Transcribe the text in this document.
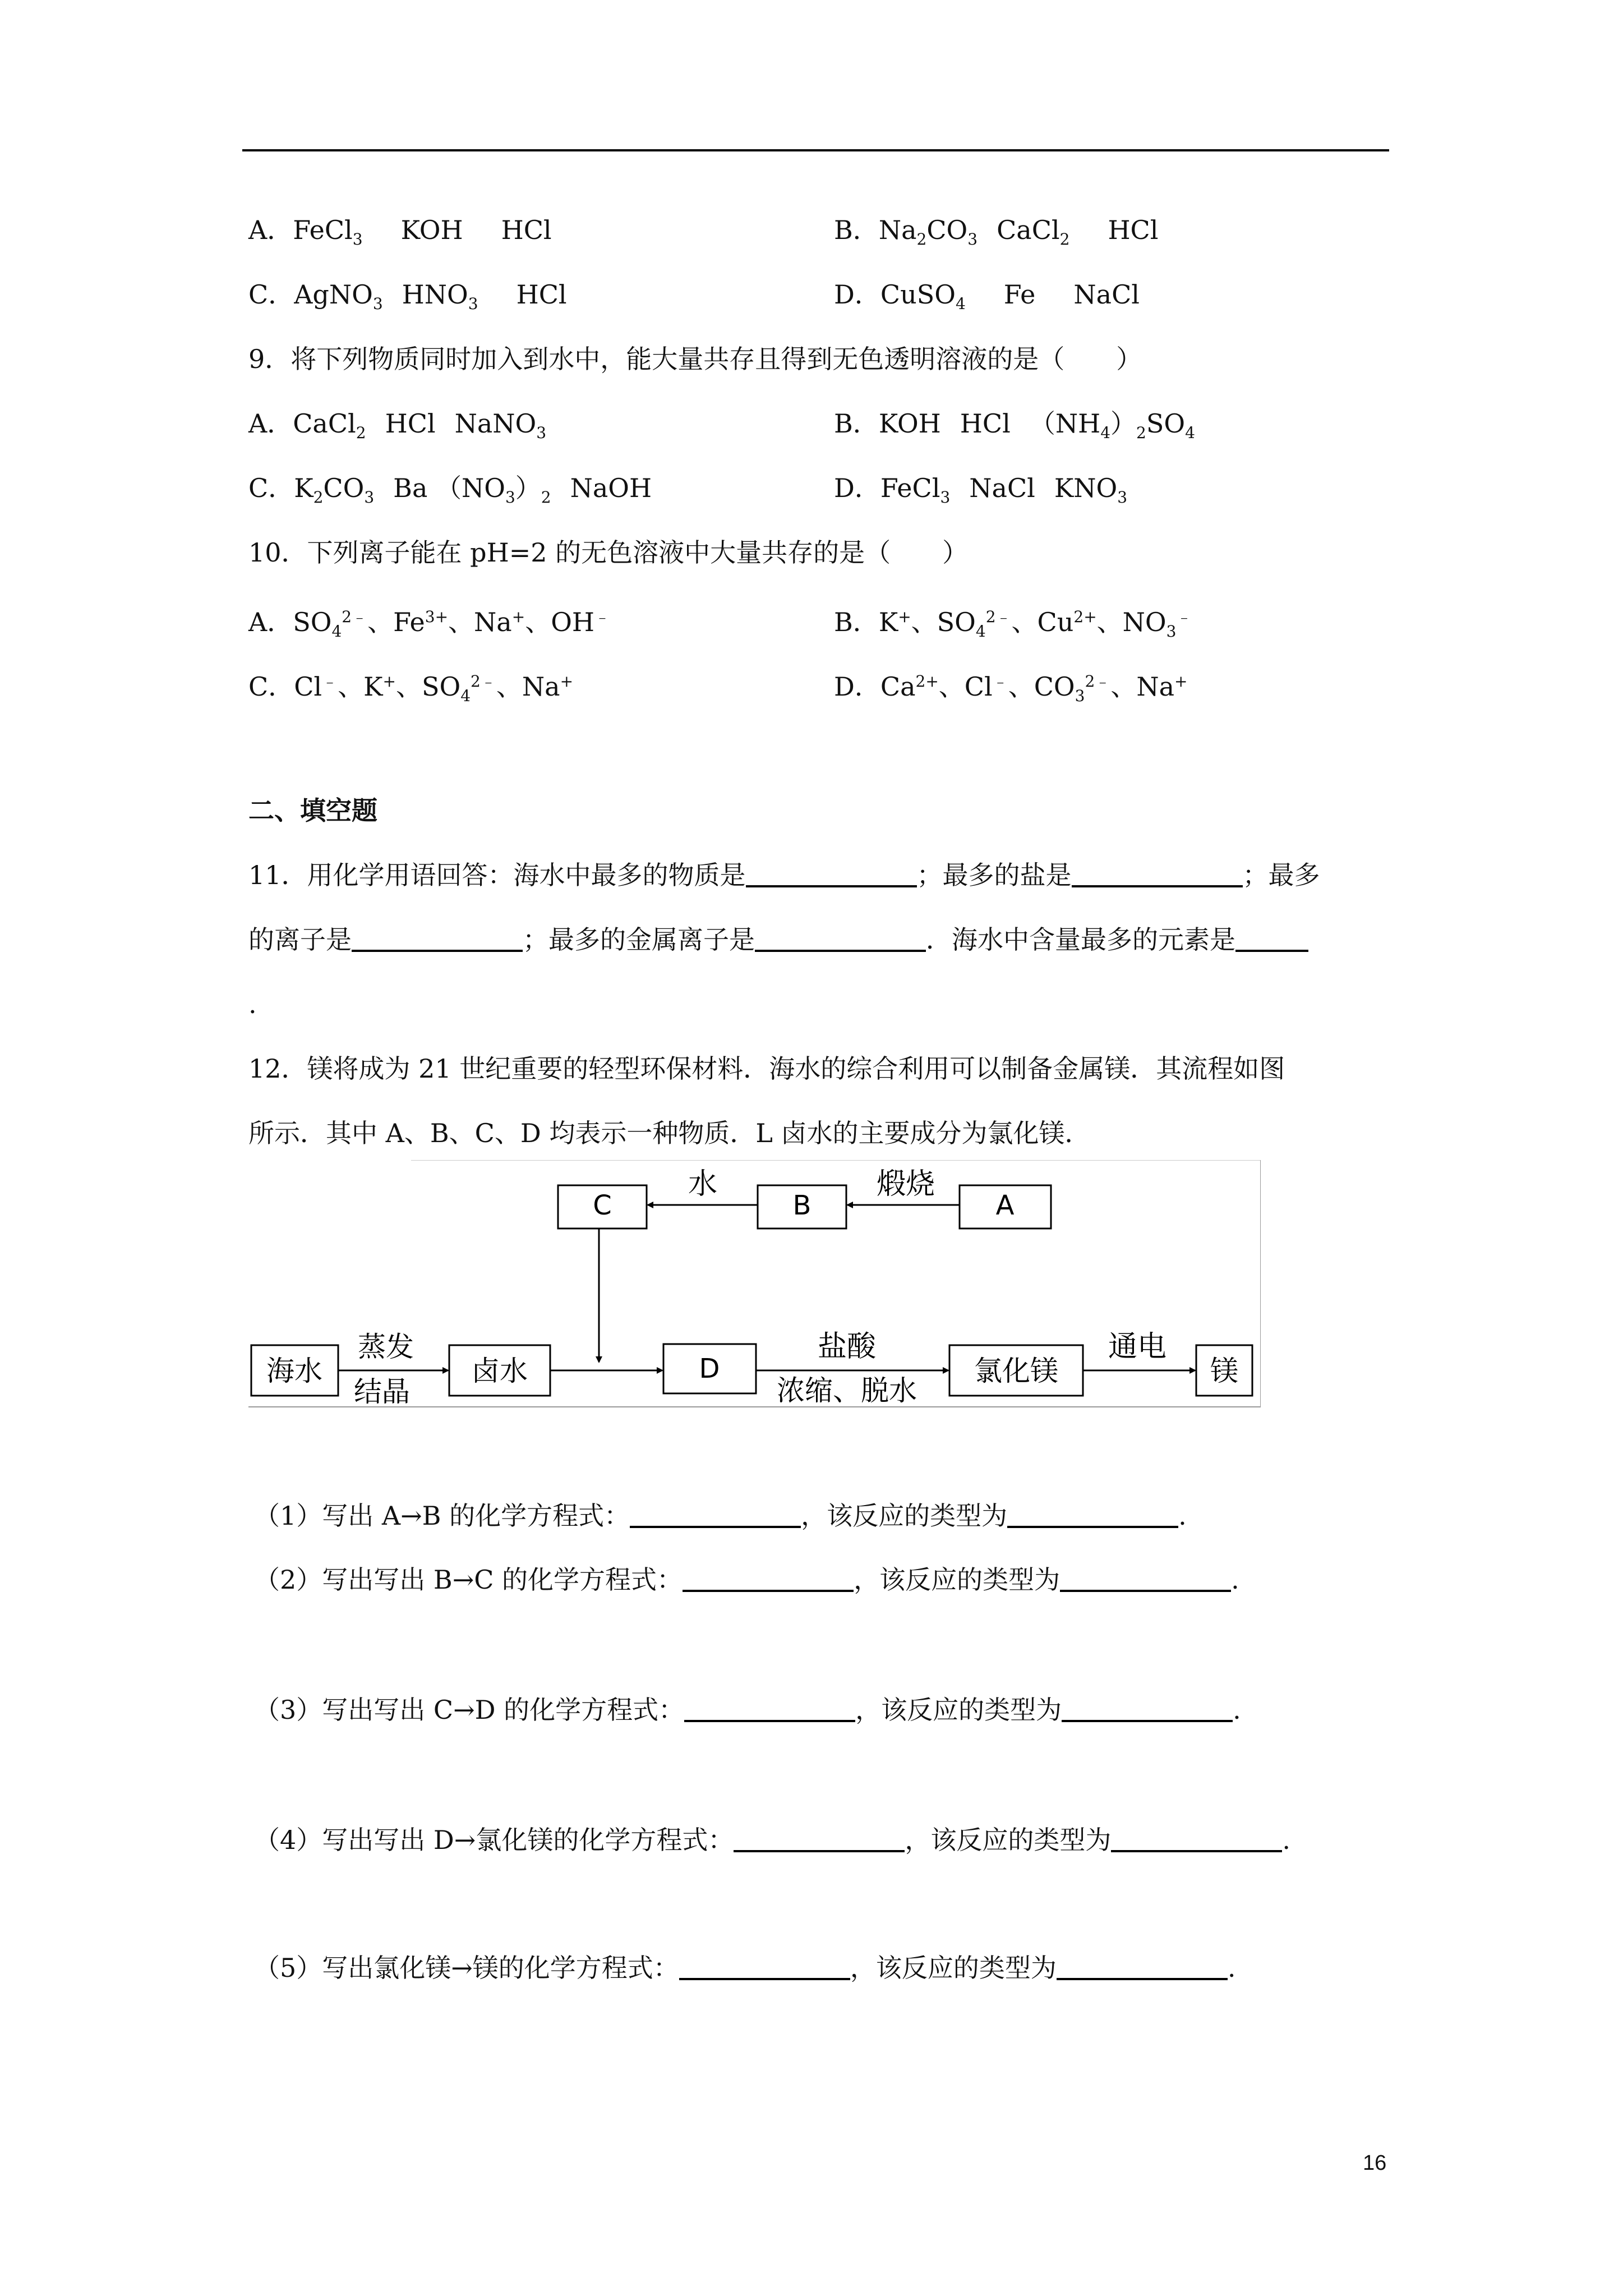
A．FeCl$_3$ KOH HCl	B．$Na_2CO_3$ CaCl$_2$ HCl
C．AgNO$_3$ $HNO_3$ HCl	D．CuSO$_4$ Fe NaCl
9．将下列物质同时加入到水中，能大量共存且得到无色透明溶液的是（　　）
A．CaCl$_2$ HCl NaNO$_3$	B．KOH HCl $(NH_4)_2SO_4$
C．$K_2CO_3$ Ba $(NO_3)_2$ NaOH	D．FeCl$_3$ NaCl $KNO_3$
10．下列离子能在 pH=2 的无色溶液中大量共存的是（　　）
A．$SO_4^{2﹣}$、$Fe^{3+}$、Na+、OH﹣	B．K+、$SO_4^{2﹣}$、$Cu^{2+}$、$NO_3^﹣$
C．Cl﹣、K+、$SO_4^{2﹣}$、Na+	D．$Ca^{2+}$、Cl﹣、$CO_3^{2﹣}$、Na+
二、填空题
11．用化学用语回答：海水中最多的物质是	；最多的盐是	；最多
的离子是	；最多的金属离子是	．海水中含量最多的元素是
.
12．镁将成为 21 世纪重要的轻型环保材料．海水的综合利用可以制备金属镁．其流程如图
所示．其中 A、B、C、D 均表示一种物质．L 卤水的主要成分为氯化镁．
C	B	A
煅烧
水
海水	卤水	D	氯化镁	镁
蒸发
结晶
盐酸
浓缩、脱水
通电
（1）写出 A→B 的化学方程式：	，该反应的类型为	.
（2）写出写出 B→C 的化学方程式：	，该反应的类型为	.
（3）写出写出 C→D 的化学方程式：	，该反应的类型为	.
（4）写出写出 D→氯化镁的化学方程式：	，该反应的类型为	.
（5）写出氯化镁→镁的化学方程式：	，该反应的类型为	.
16
